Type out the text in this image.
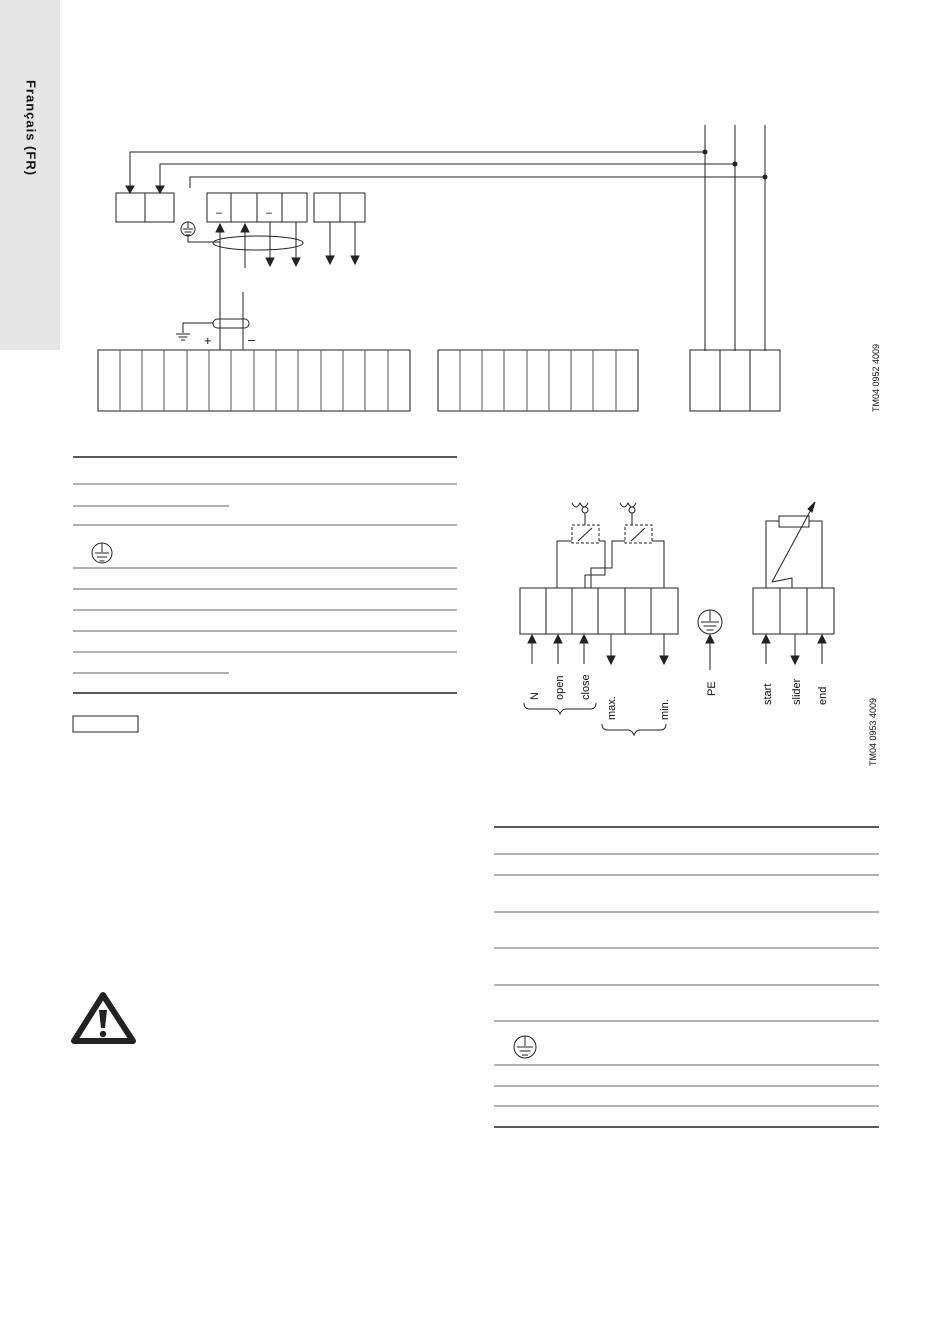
Français (FR)
–	–
+	–
TM04 0952 4009
N open close
max.	min.
PE	start slider end
TM04 0953 4009
